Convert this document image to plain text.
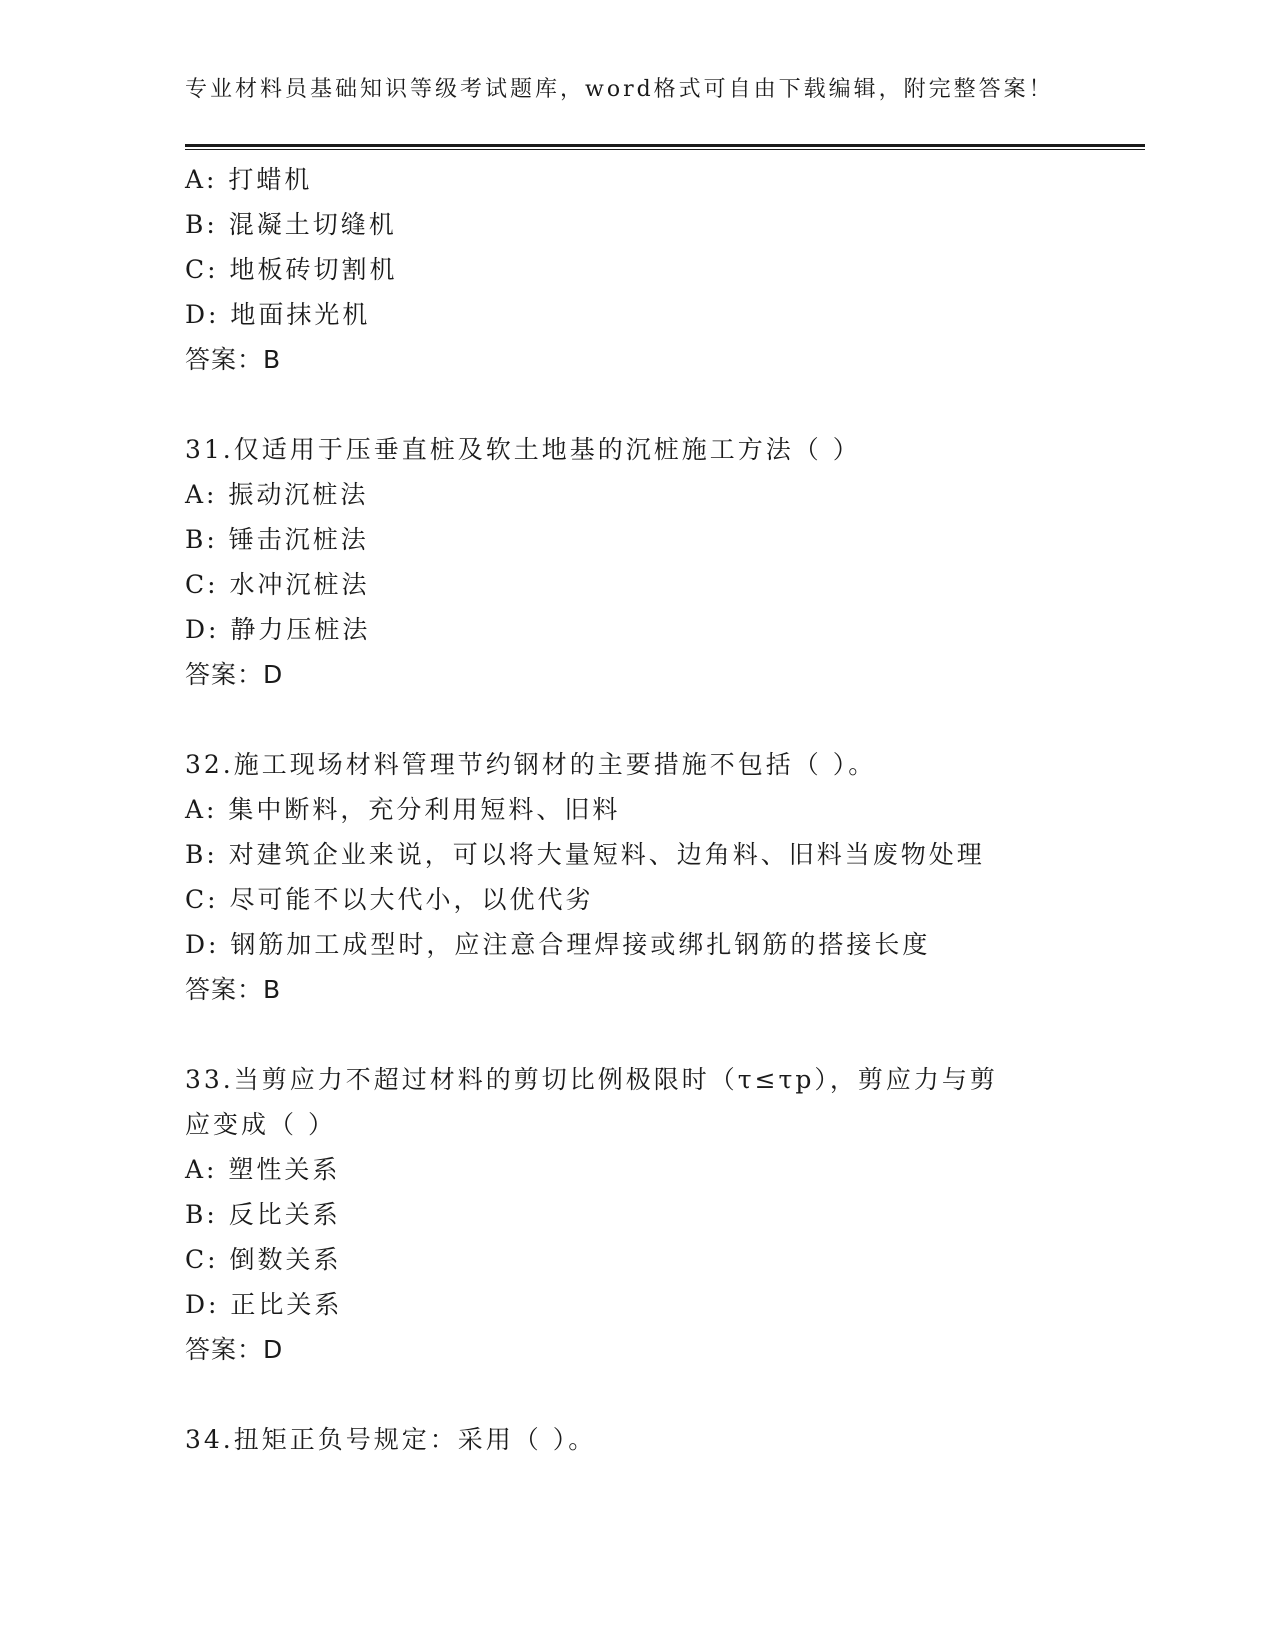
专业材料员基础知识等级考试题库，word格式可自由下载编辑，附完整答案！
A: 打蜡机
B: 混凝土切缝机
C: 地板砖切割机
D: 地面抹光机
答案：B
31.仅适用于压垂直桩及软土地基的沉桩施工方法（ ）
A: 振动沉桩法
B: 锤击沉桩法
C: 水冲沉桩法
D: 静力压桩法
答案：D
32.施工现场材料管理节约钢材的主要措施不包括（ ）。
A: 集中断料，充分利用短料、旧料
B: 对建筑企业来说，可以将大量短料、边角料、旧料当废物处理
C: 尽可能不以大代小，以优代劣
D: 钢筋加工成型时，应注意合理焊接或绑扎钢筋的搭接长度
答案：B
33.当剪应力不超过材料的剪切比例极限时（τ≤τp），剪应力与剪
应变成（ ）
A: 塑性关系
B: 反比关系
C: 倒数关系
D: 正比关系
答案：D
34.扭矩正负号规定：采用（ ）。
